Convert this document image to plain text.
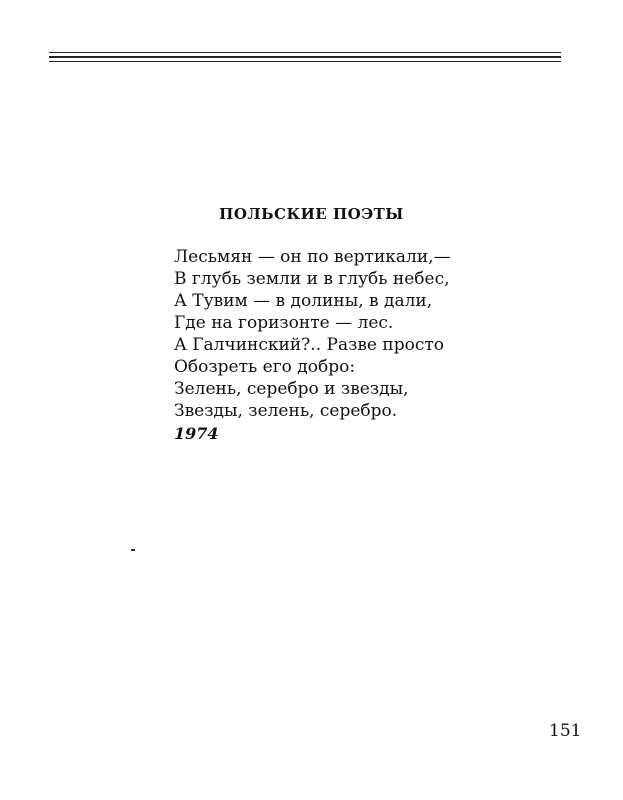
ПОЛЬСКИЕ ПОЭТЫ
Лесьмян — он по вертикали,—
В глубь земли и в глубь небес,
А Тувим — в долины, в дали,
Где на горизонте — лес.
А Галчинский?.. Разве просто
Обозреть его добро:
Зелень, серебро и звезды,
Звезды, зелень, серебро.
1974
151
